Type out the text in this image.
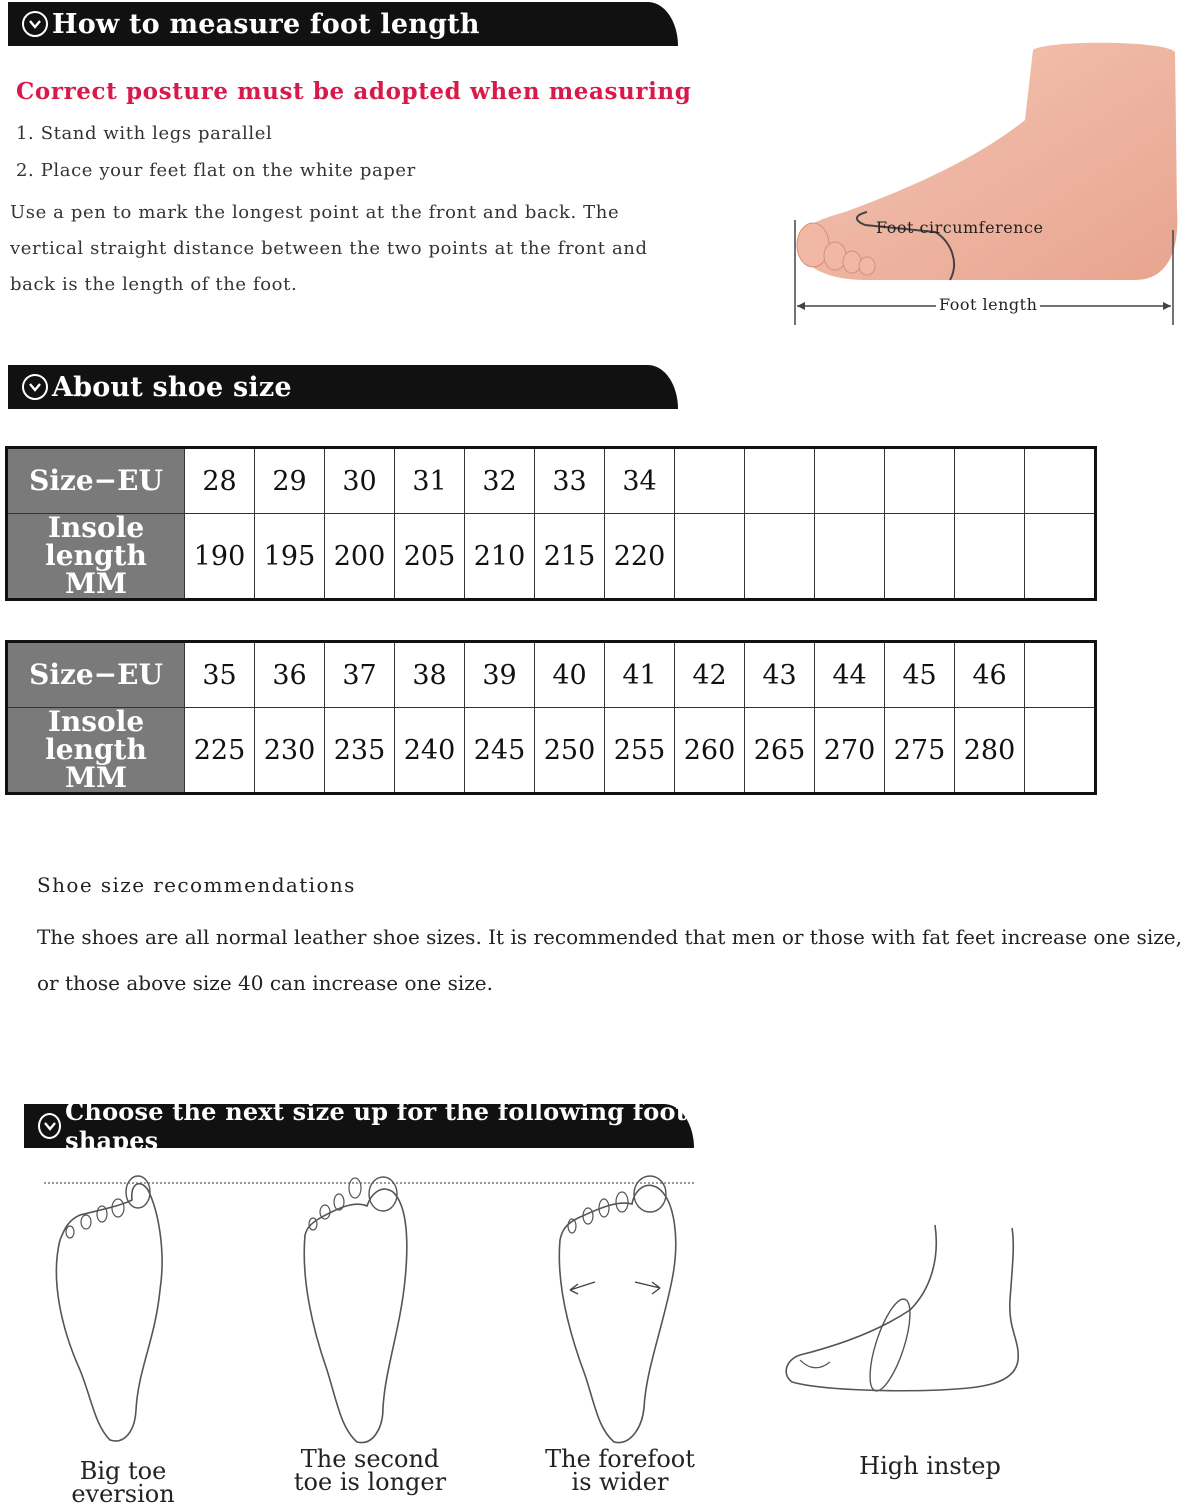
How to measure foot length
Correct posture must be adopted when measuring
1. Stand with legs parallel
2. Place your feet flat on the white paper
Use a pen to mark the longest point at the front and back. The vertical straight distance between the two points at the front and back is the length of the foot.
Foot circumference
Foot length
About shoe size
Size−EU	28	29	30	31	32	33	34						
Insole length
MM	190	195	200	205	210	215	220						
Size−EU	35	36	37	38	39	40	41	42	43	44	45	46	
Insole length
MM	225	230	235	240	245	250	255	260	265	270	275	280	
Shoe size recommendations
The shoes are all normal leather shoe sizes. It is recommended that men or those with fat feet increase one size, or those above size 40 can increase one size.
Choose the next size up for the following foot shapes
Big toe eversion
The second toe is longer
The forefoot is wider
High instep
